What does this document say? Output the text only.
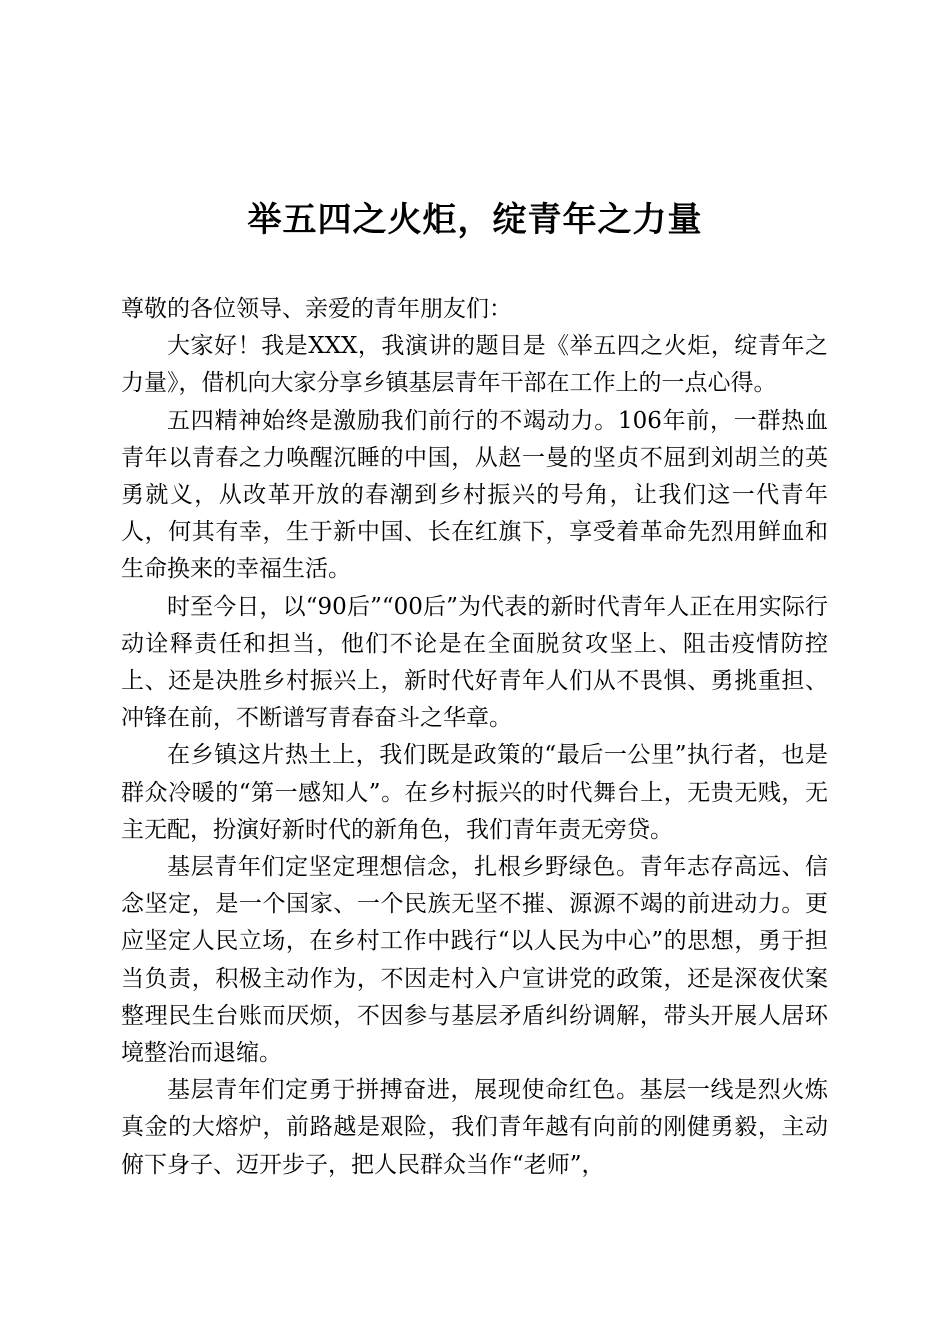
举五四之火炬，绽青年之力量

尊敬的各位领导、亲爱的青年朋友们：

大家好！我是XXX，我演讲的题目是《举五四之火炬，绽青年之力量》，借机向大家分享乡镇基层青年干部在工作上的一点心得。

五四精神始终是激励我们前行的不竭动力。106年前，一群热血青年以青春之力唤醒沉睡的中国，从赵一曼的坚贞不屈到刘胡兰的英勇就义，从改革开放的春潮到乡村振兴的号角，让我们这一代青年人，何其有幸，生于新中国、长在红旗下，享受着革命先烈用鲜血和生命换来的幸福生活。

时至今日，以“90后”“00后”为代表的新时代青年人正在用实际行动诠释责任和担当，他们不论是在全面脱贫攻坚上、阻击疫情防控上、还是决胜乡村振兴上，新时代好青年人们从不畏惧、勇挑重担、冲锋在前，不断谱写青春奋斗之华章。

在乡镇这片热土上，我们既是政策的“最后一公里”执行者，也是群众冷暖的“第一感知人”。在乡村振兴的时代舞台上，无贵无贱，无主无配，扮演好新时代的新角色，我们青年责无旁贷。

基层青年们定坚定理想信念，扎根乡野绿色。青年志存高远、信念坚定，是一个国家、一个民族无坚不摧、源源不竭的前进动力。更应坚定人民立场，在乡村工作中践行“以人民为中心”的思想，勇于担当负责，积极主动作为，不因走村入户宣讲党的政策，还是深夜伏案整理民生台账而厌烦，不因参与基层矛盾纠纷调解，带头开展人居环境整治而退缩。

基层青年们定勇于拼搏奋进，展现使命红色。基层一线是烈火炼真金的大熔炉，前路越是艰险，我们青年越有向前的刚健勇毅，主动俯下身子、迈开步子，把人民群众当作“老师”，
